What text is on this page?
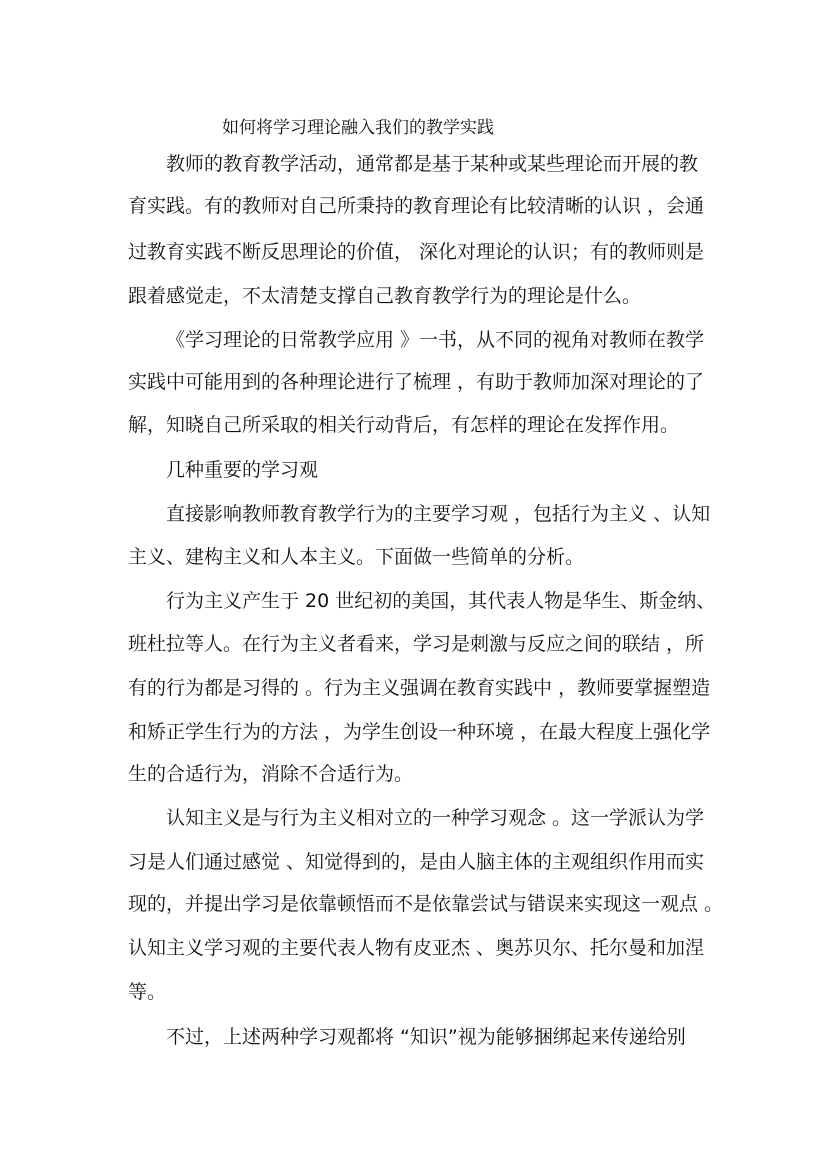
如何将学习理论融入我们的教学实践
教师的教育教学活动，通常都是基于某种或某些理论而开展的教
育实践。有的教师对自己所秉持的教育理论有比较清晰的认识 ，会通
过教育实践不断反思理论的价值， 深化对理论的认识；有的教师则是
跟着感觉走，不太清楚支撑自己教育教学行为的理论是什么。
《学习理论的日常教学应用 》一书，从不同的视角对教师在教学
实践中可能用到的各种理论进行了梳理 ，有助于教师加深对理论的了
解，知晓自己所采取的相关行动背后，有怎样的理论在发挥作用。
几种重要的学习观
直接影响教师教育教学行为的主要学习观 ，包括行为主义 、认知
主义、建构主义和人本主义。下面做一些简单的分析。
行为主义产生于 20 世纪初的美国，其代表人物是华生、斯金纳、
班杜拉等人。在行为主义者看来，学习是刺激与反应之间的联结 ，所
有的行为都是习得的 。行为主义强调在教育实践中 ，教师要掌握塑造
和矫正学生行为的方法 ，为学生创设一种环境 ，在最大程度上强化学
生的合适行为，消除不合适行为。
认知主义是与行为主义相对立的一种学习观念 。这一学派认为学
习是人们通过感觉 、知觉得到的，是由人脑主体的主观组织作用而实
现的，并提出学习是依靠顿悟而不是依靠尝试与错误来实现这一观点 。
认知主义学习观的主要代表人物有皮亚杰 、奥苏贝尔、托尔曼和加涅
等。
不过，上述两种学习观都将 “知识”视为能够捆绑起来传递给别
